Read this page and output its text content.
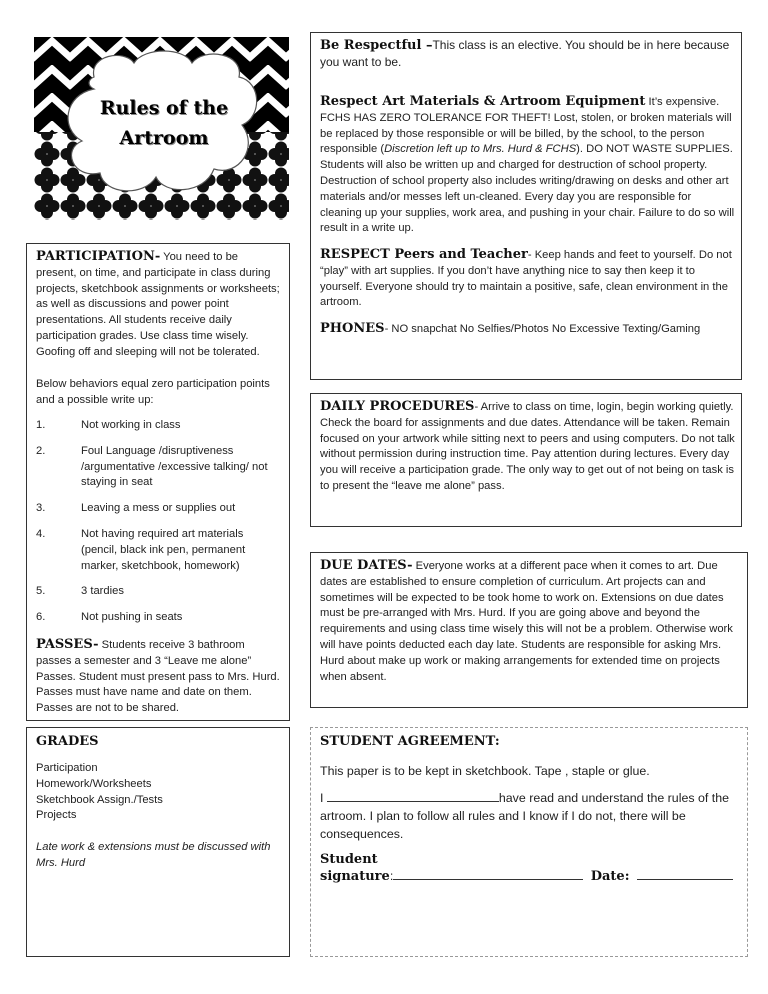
Rules of the
Artroom

Be Respectful –This class is an elective. You should be in here because you want to be.

Respect Art Materials & Artroom Equipment It’s expensive. FCHS HAS ZERO TOLERANCE FOR THEFT! Lost, stolen, or broken materials will be replaced by those responsible or will be billed, by the school, to the person responsible (Discretion left up to Mrs. Hurd & FCHS). DO NOT WASTE SUPPLIES. Students will also be written up and charged for destruction of school property. Destruction of school property also includes writing/drawing on desks and other art materials and/or messes left un-cleaned. Every day you are responsible for cleaning up your supplies, work area, and pushing in your chair. Failure to do so will result in a write up.

RESPECT Peers and Teacher- Keep hands and feet to yourself. Do not “play” with art supplies. If you don’t have anything nice to say then keep it to yourself. Everyone should try to maintain a positive, safe, clean environment in the artroom.

PHONES- NO snapchat No Selfies/Photos No Excessive Texting/Gaming

PARTICIPATION- You need to be present, on time, and participate in class during projects, sketchbook assignments or worksheets; as well as discussions and power point presentations. All students receive daily participation grades. Use class time wisely. Goofing off and sleeping will not be tolerated.

Below behaviors equal zero participation points and a possible write up:

1.	Not working in class
2.	Foul Language /disruptiveness /argumentative /excessive talking/ not staying in seat
3.	Leaving a mess or supplies out
4.	Not having required art materials (pencil, black ink pen, permanent marker, sketchbook, homework)
5.	3 tardies
6.	Not pushing in seats

PASSES- Students receive 3 bathroom passes a semester and 3 “Leave me alone” Passes. Student must present pass to Mrs. Hurd. Passes must have name and date on them. Passes are not to be shared.

DAILY PROCEDURES- Arrive to class on time, login, begin working quietly. Check the board for assignments and due dates. Attendance will be taken. Remain focused on your artwork while sitting next to peers and using computers. Do not talk without permission during instruction time. Pay attention during lectures. Every day you will receive a participation grade. The only way to get out of not being on task is to present the “leave me alone” pass.

DUE DATES- Everyone works at a different pace when it comes to art. Due dates are established to ensure completion of curriculum. Art projects can and sometimes will be expected to be took home to work on. Extensions on due dates must be pre-arranged with Mrs. Hurd. If you are going above and beyond the requirements and using class time wisely this will not be a problem. Otherwise work will have points deducted each day late. Students are responsible for asking Mrs. Hurd about make up work or making arrangements for extended time on projects when absent.

GRADES
Participation
Homework/Worksheets
Sketchbook Assign./Tests
Projects

Late work & extensions must be discussed with Mrs. Hurd

STUDENT AGREEMENT:

This paper is to be kept in sketchbook. Tape , staple or glue.

I	have read and understand the rules of the artroom. I plan to follow all rules and I know if I do not, there will be consequences.

Student
signature:	Date:
